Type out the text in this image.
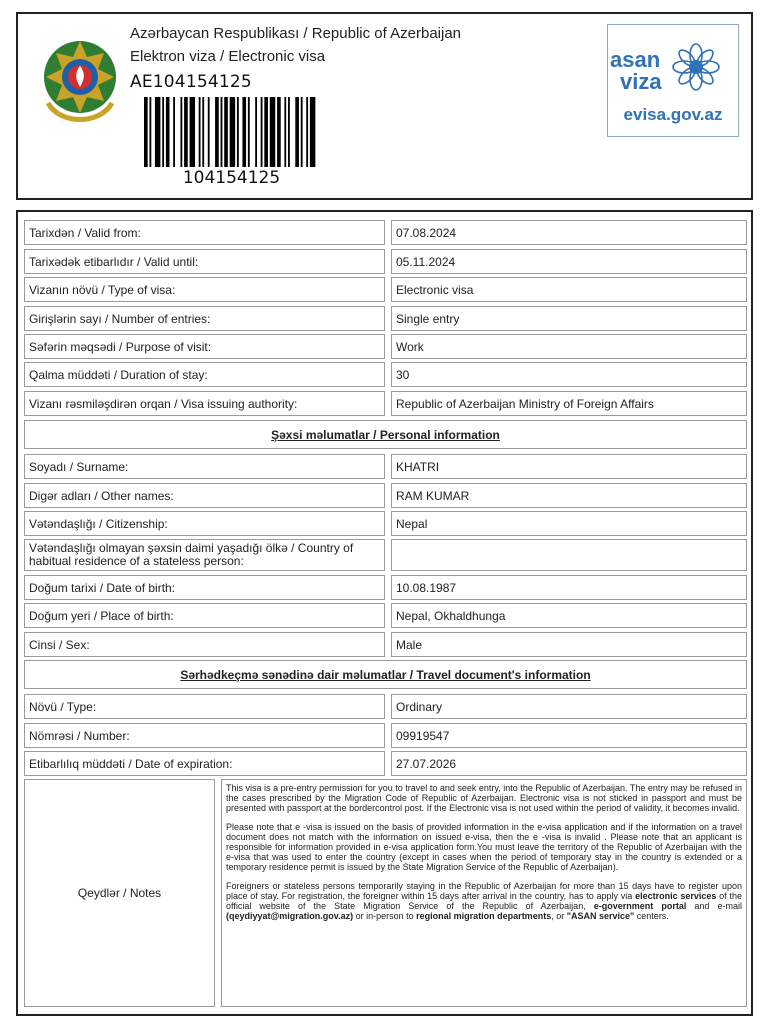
Azərbaycan Respublikası / Republic of Azerbaijan
Elektron viza / Electronic visa
AE104154125
104154125
asan
viza
evisa.gov.az
Tarixdən / Valid from:	07.08.2024
Tarixədək etibarlıdır / Valid until:	05.11.2024
Vizanın növü / Type of visa:	Electronic visa
Girişlərin sayı / Number of entries:	Single entry
Səfərin məqsədi / Purpose of visit:	Work
Qalma müddəti / Duration of stay:	30
Vizanı rəsmiləşdirən orqan / Visa issuing authority:	Republic of Azerbaijan Ministry of Foreign Affairs
Şəxsi məlumatlar / Personal information
Soyadı / Surname:	KHATRI
Digər adları / Other names:	RAM KUMAR
Vətəndaşlığı / Citizenship:	Nepal
Vətəndaşlığı olmayan şəxsin daimi yaşadığı ölkə / Country of habitual residence of a stateless person:
Doğum tarixi / Date of birth:	10.08.1987
Doğum yeri / Place of birth:	Nepal, Okhaldhunga
Cinsi / Sex:	Male
Sərhədkeçmə sənədinə dair məlumatlar / Travel document's information
Növü / Type:	Ordinary
Nömrəsi / Number:	09919547
Etibarlılıq müddəti / Date of expiration:	27.07.2026
Qeydlər / Notes

This visa is a pre-entry permission for you to travel to and seek entry, into the Republic of Azerbaijan. The entry may be refused in the cases prescribed by the Migration Code of Republic of Azerbaijan. Electronic visa is not sticked in passport and must be presented with passport at the bordercontrol post. If the Electronic visa is not used within the period of validity, it becomes invalid.

Please note that e -visa is issued on the basis of provided information in the e-visa application and if the information on a travel document does not match with the information on issued e-visa, then the e -visa is invalid . Please note that an applicant is responsible for information provided in e-visa application form.You must leave the territory of the Republic of Azerbaijan with the e-visa that was used to enter the country (except in cases when the period of temporary stay in the country is extended or a temporary residence permit is issued by the State Migration Service of the Republic of Azerbaijan).

Foreigners or stateless persons temporarily staying in the Republic of Azerbaijan for more than 15 days have to register upon place of stay. For registration, the foreigner within 15 days after arrival in the country, has to apply via electronic services of the official website of the State Migration Service of the Republic of Azerbaijan, e-government portal and e-mail (qeydiyyat@migration.gov.az) or in-person to regional migration departments, or "ASAN service" centers.
